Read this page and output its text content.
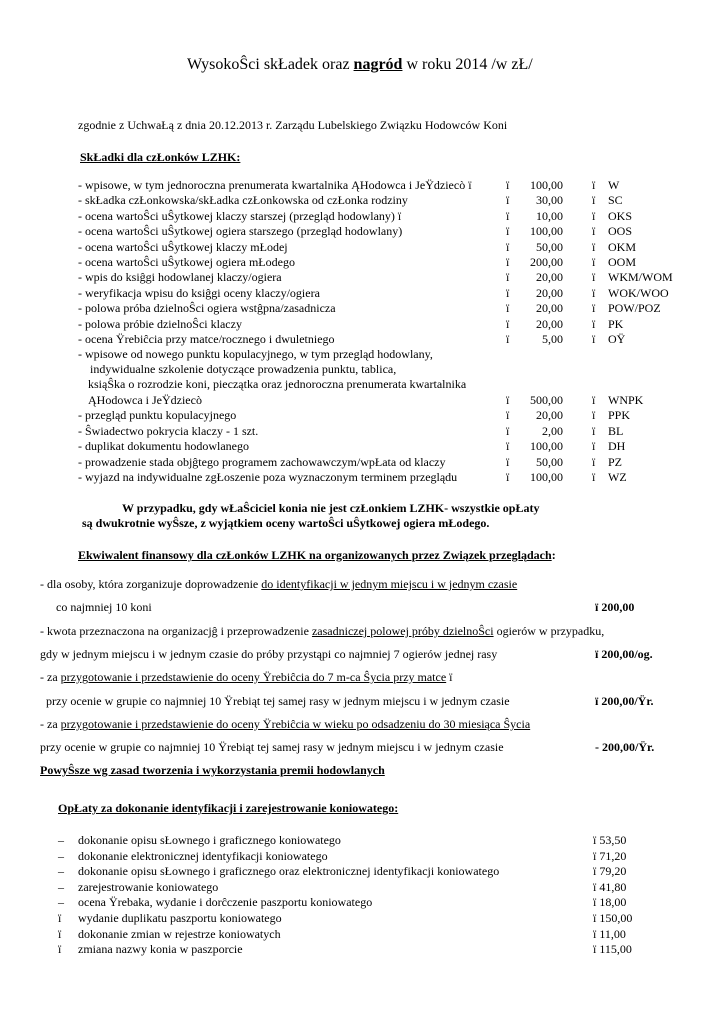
WysokoŜci skŁadek oraz nagród w roku 2014 /w zŁ/
zgodnie z UchwaŁą z dnia 20.12.2013 r. Zarządu Lubelskiego Związku Hodowców Koni
SkŁadki dla czŁonków LZHK:
- wpisowe, w tym jednoroczna prenumerata kwartalnika ĄHodowca i JeŸdziecò ï	ï	100,00 ï W
- skŁadka czŁonkowska/skŁadka czŁonkowska od czŁonka rodziny	ï	30,00 ï SC
- ocena wartoŜci uŜytkowej klaczy starszej (przegląd hodowlany) ï	ï	10,00 ï OKS
- ocena wartoŜci uŜytkowej ogiera starszego (przegląd hodowlany)	ï	100,00 ï OOS
- ocena wartoŜci uŜytkowej klaczy mŁodej	ï	50,00 ï OKM
- ocena wartoŜci uŜytkowej ogiera mŁodego	ï	200,00 ï OOM
- wpis do ksiĝgi hodowlanej klaczy/ogiera	ï	20,00 ï WKM/WOM
- weryfikacja wpisu do ksiĝgi oceny klaczy/ogiera	ï	20,00 ï WOK/WOO
- polowa próba dzielnoŜci ogiera wstĝpna/zasadnicza	ï	20,00 ï POW/POZ
- polowa próbie dzielnoŜci klaczy	ï	20,00 ï PK
- ocena Ÿrebiĉcia przy matce/rocznego i dwuletniego	ï	5,00 ï OŸ
- wpisowe od nowego punktu kopulacyjnego, w tym przegląd hodowlany,
indywidualne szkolenie dotyczące prowadzenia punktu, tablica,
ksiąŜka o rozrodzie koni, pieczątka oraz jednoroczna prenumerata kwartalnika
ĄHodowca i JeŸdziecò	ï	500,00 ï WNPK
- przegląd punktu kopulacyjnego	ï	20,00 ï PPK
- Ŝwiadectwo pokrycia klaczy - 1 szt.	ï	2,00 ï BL
- duplikat dokumentu hodowlanego	ï	100,00 ï DH
- prowadzenie stada objĝtego programem zachowawczym/wpŁata od klaczy	ï	50,00 ï PZ
- wyjazd na indywidualne zgŁoszenie poza wyznaczonym terminem przeglądu	ï	100,00 ï WZ
W przypadku, gdy wŁaŜciciel konia nie jest czŁonkiem LZHK- wszystkie opŁaty
są dwukrotnie wyŜsze, z wyjątkiem oceny wartoŜci uŜytkowej ogiera mŁodego.
Ekwiwalent finansowy dla czŁonków LZHK na organizowanych przez Związek przeglądach:
- dla osoby, która zorganizuje doprowadzenie do identyfikacji w jednym miejscu i w jednym czasie
co najmniej 10 koni	ï 200,00
- kwota przeznaczona na organizacjĝ i przeprowadzenie zasadniczej polowej próby dzielnoŜci ogierów w przypadku,
gdy w jednym miejscu i w jednym czasie do próby przystąpi co najmniej 7 ogierów jednej rasy	ï 200,00/og.
- za przygotowanie i przedstawienie do oceny Ÿrebiĉcia do 7 m-ca Ŝycia przy matce ï
przy ocenie w grupie co najmniej 10 Ÿrebiąt tej samej rasy w jednym miejscu i w jednym czasie	ï 200,00/Ÿr.
- za przygotowanie i przedstawienie do oceny Ÿrebiĉcia w wieku po odsadzeniu do 30 miesiąca Ŝycia
przy ocenie w grupie co najmniej 10 Ÿrebiąt tej samej rasy w jednym miejscu i w jednym czasie	- 200,00/Ÿr.
PowyŜsze wg zasad tworzenia i wykorzystania premii hodowlanych
OpŁaty za dokonanie identyfikacji i zarejestrowanie koniowatego:
– dokonanie opisu sŁownego i graficznego koniowatego	ï 53,50
– dokonanie elektronicznej identyfikacji koniowatego	ï 71,20
– dokonanie opisu sŁownego i graficznego oraz elektronicznej identyfikacji koniowatego	ï 79,20
– zarejestrowanie koniowatego	ï 41,80
– ocena Ÿrebaka, wydanie i dorĉczenie paszportu koniowatego	ï 18,00
ï wydanie duplikatu paszportu koniowatego	ï 150,00
ï dokonanie zmian w rejestrze koniowatych	ï 11,00
ï zmiana nazwy konia w paszporcie	ï 115,00
